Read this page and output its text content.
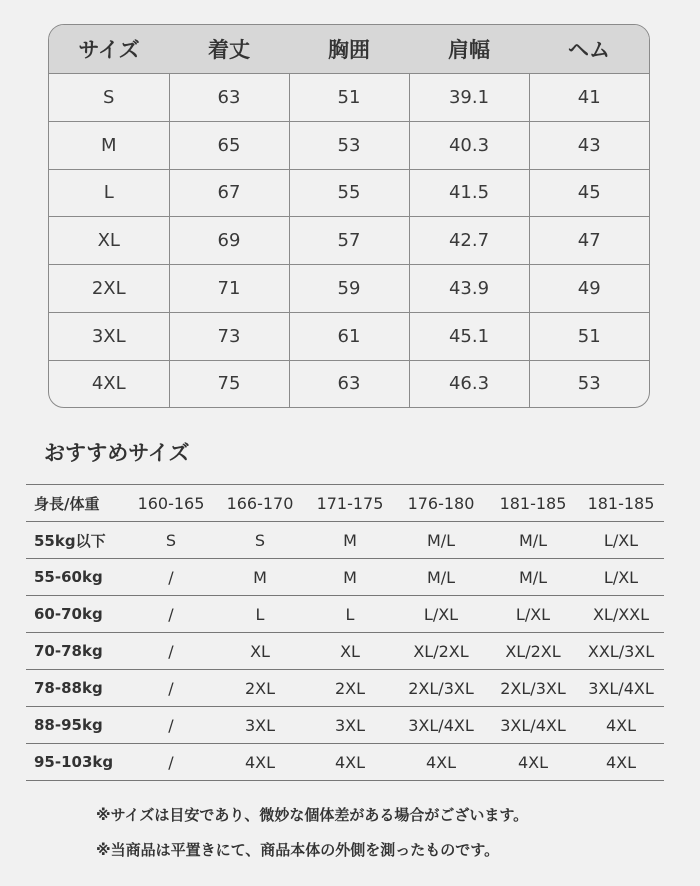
サイズ	着丈	胸囲	肩幅	ヘム
S	63	51	39.1	41
M	65	53	40.3	43
L	67	55	41.5	45
XL	69	57	42.7	47
2XL	71	59	43.9	49
3XL	73	61	45.1	51
4XL	75	63	46.3	53
おすすめサイズ
身長/体重	160-165	166-170	171-175	176-180	181-185	181-185
55kg以下	S	S	M	M/L	M/L	L/XL
55-60kg	/	M	M	M/L	M/L	L/XL
60-70kg	/	L	L	L/XL	L/XL	XL/XXL
70-78kg	/	XL	XL	XL/2XL	XL/2XL	XXL/3XL
78-88kg	/	2XL	2XL	2XL/3XL	2XL/3XL	3XL/4XL
88-95kg	/	3XL	3XL	3XL/4XL	3XL/4XL	4XL
95-103kg	/	4XL	4XL	4XL	4XL	4XL

※サイズは目安であり、微妙な個体差がある場合がございます。

※当商品は平置きにて、商品本体の外側を測ったものです。
